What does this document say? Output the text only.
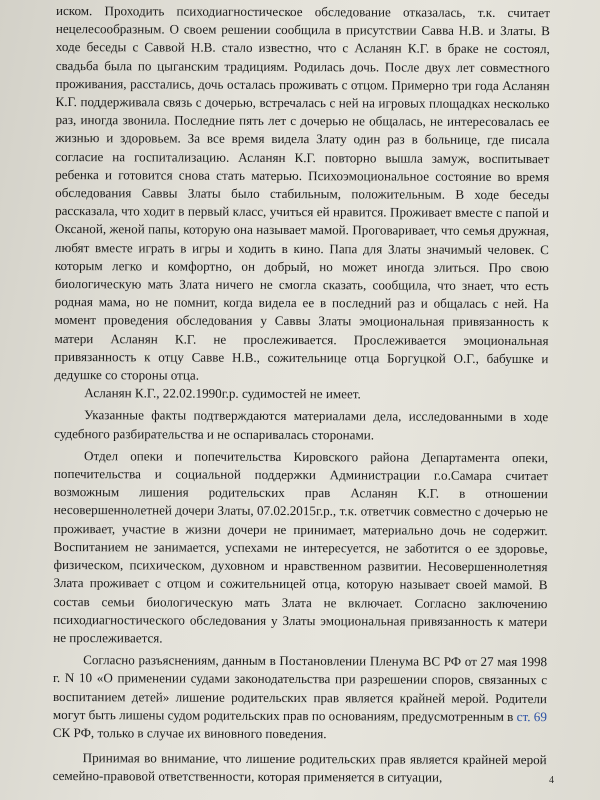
иском. Проходить психодиагностическое обследование отказалась, т.к. считает нецелесообразным. О своем решении сообщила в присутствии Савва Н.В. и Златы. В ходе беседы с Саввой Н.В. стало известно, что с Асланян К.Г. в браке не состоял, свадьба была по цыганским традициям. Родилась дочь. После двух лет совместного проживания, расстались, дочь осталась проживать с отцом. Примерно три года Асланян К.Г. поддерживала связь с дочерью, встречалась с ней на игровых площадках несколько раз, иногда звонила. Последние пять лет с дочерью не общалась, не интересовалась ее жизнью и здоровьем. За все время видела Злату один раз в больнице, где писала согласие на госпитализацию. Асланян К.Г. повторно вышла замуж, воспитывает ребенка и готовится снова стать матерью. Психоэмоциональное состояние во время обследования Саввы Златы было стабильным, положительным. В ходе беседы рассказала, что ходит в первый класс, учиться ей нравится. Проживает вместе с папой и Оксаной, женой папы, которую она называет мамой. Проговаривает, что семья дружная, любят вместе играть в игры и ходить в кино. Папа для Златы значимый человек. С которым легко и комфортно, он добрый, но может иногда злиться. Про свою биологическую мать Злата ничего не смогла сказать, сообщила, что знает, что есть родная мама, но не помнит, когда видела ее в последний раз и общалась с ней. На момент проведения обследования у Саввы Златы эмоциональная привязанность к матери Асланян К.Г. не прослеживается. Прослеживается эмоциональная привязанность к отцу Савве Н.В., сожительнице отца Боргуцкой О.Г., бабушке и дедушке со стороны отца.

Асланян К.Г., 22.02.1990г.р. судимостей не имеет.

Указанные факты подтверждаются материалами дела, исследованными в ходе судебного разбирательства и не оспаривалась сторонами.

Отдел опеки и попечительства Кировского района Департамента опеки, попечительства и социальной поддержки Администрации г.о.Самара считает возможным лишения родительских прав Асланян К.Г. в отношении несовершеннолетней дочери Златы, 07.02.2015г.р., т.к. ответчик совместно с дочерью не проживает, участие в жизни дочери не принимает, материально дочь не содержит. Воспитанием не занимается, успехами не интересуется, не заботится о ее здоровье, физическом, психическом, духовном и нравственном развитии. Несовершеннолетняя Злата проживает с отцом и сожительницей отца, которую называет своей мамой. В состав семьи биологическую мать Злата не включает. Согласно заключению психодиагностического обследования у Златы эмоциональная привязанность к матери не прослеживается.

Согласно разъяснениям, данным в Постановлении Пленума ВС РФ от 27 мая 1998 г. N 10 «О применении судами законодательства при разрешении споров, связанных с воспитанием детей» лишение родительских прав является крайней мерой. Родители могут быть лишены судом родительских прав по основаниям, предусмотренным в ст. 69 СК РФ, только в случае их виновного поведения.

Принимая во внимание, что лишение родительских прав является крайней мерой семейно-правовой ответственности, которая применяется в ситуации,	4
